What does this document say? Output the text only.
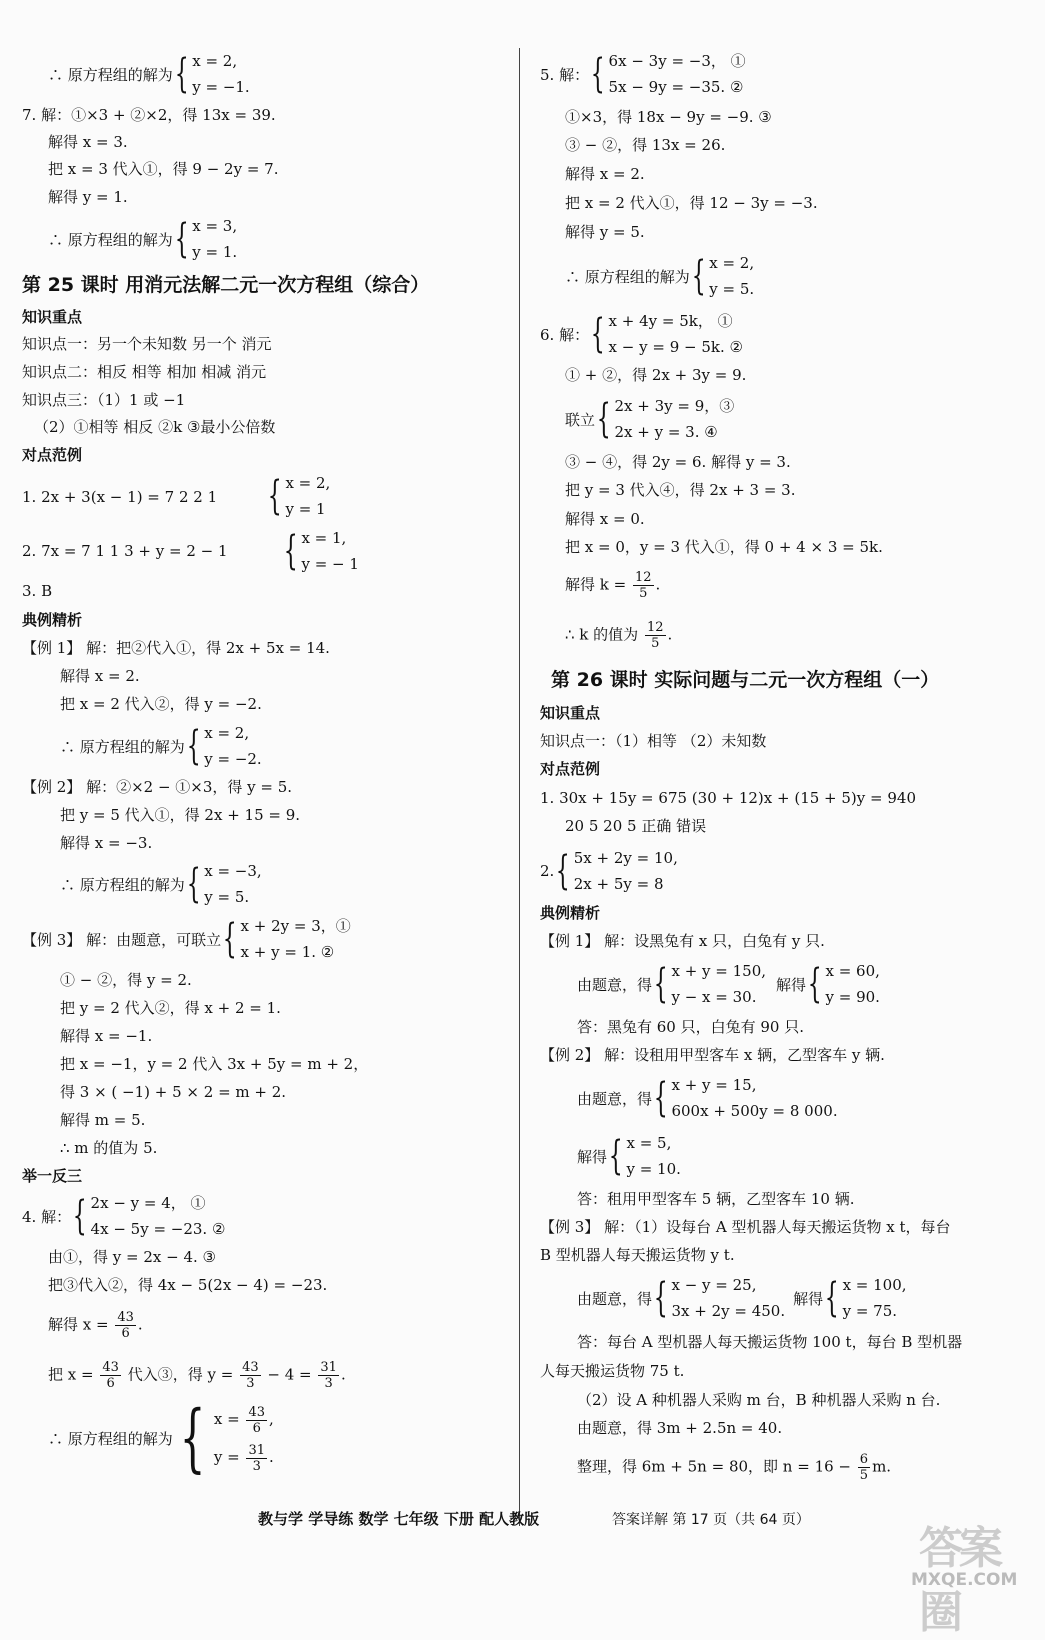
∴ 原方程组的解为 { x = 2,
y = −1.
7. 解：①×3 + ②×2，得 13x = 39.
解得 x = 3.
把 x = 3 代入①，得 9 − 2y = 7.
解得 y = 1.
∴ 原方程组的解为 { x = 3,
y = 1.
第 25 课时 用消元法解二元一次方程组（综合）
知识重点
知识点一：另一个未知数 另一个 消元
知识点二：相反 相等 相加 相减 消元
知识点三：（1）1 或 −1
（2）①相等 相反 ②k ③最小公倍数
对点范例
1. 2x + 3(x − 1) = 7 2 2 1 { x = 2,
y = 1
2. 7x = 7 1 1 3 + y = 2 − 1 { x = 1,
y = − 1
3. B
典例精析
【例 1】 解：把②代入①，得 2x + 5x = 14.
解得 x = 2.
把 x = 2 代入②，得 y = −2.
∴ 原方程组的解为 { x = 2,
y = −2.
【例 2】 解：②×2 − ①×3，得 y = 5.
把 y = 5 代入①，得 2x + 15 = 9.
解得 x = −3.
∴ 原方程组的解为 { x = −3,
y = 5.
【例 3】 解：由题意，可联立 { x + 2y = 3，①
x + y = 1. ②
① − ②，得 y = 2.
把 y = 2 代入②，得 x + 2 = 1.
解得 x = −1.
把 x = −1，y = 2 代入 3x + 5y = m + 2，
得 3 × ( −1) + 5 × 2 = m + 2.
解得 m = 5.
∴ m 的值为 5.
举一反三
4. 解： { 2x − y = 4， ①
4x − 5y = −23. ②
由①，得 y = 2x − 4. ③
把③代入②，得 4x − 5(2x − 4) = −23.
解得 $x = \frac{43}{6}$ .
把 $x = \frac{43}{6}$ 代入③，得 $y = \frac{43}{3} - 4 = \frac{31}{3}$ .
∴ 原方程组的解为 { $x = \frac{43}{6}$ ,
$y = \frac{31}{3}$ .
5. 解： { 6x − 3y = −3， ①
5x − 9y = −35. ②
①×3，得 18x − 9y = −9. ③
③ − ②，得 13x = 26.
解得 x = 2.
把 x = 2 代入①，得 12 − 3y = −3.
解得 y = 5.
∴ 原方程组的解为 { x = 2,
y = 5.
6. 解： { x + 4y = 5k， ①
x − y = 9 − 5k. ②
① + ②，得 2x + 3y = 9.
联立 { 2x + 3y = 9，③
2x + y = 3. ④
③ − ④，得 2y = 6. 解得 y = 3.
把 y = 3 代入④，得 2x + 3 = 3.
解得 x = 0.
把 x = 0，y = 3 代入①，得 0 + 4 × 3 = 5k.
解得 $k = \frac{12}{5}$ .
∴ k 的值为 $\frac{12}{5}$ .
第 26 课时 实际问题与二元一次方程组（一）
知识重点
知识点一：（1）相等 （2）未知数
对点范例
1. 30x + 15y = 675 (30 + 12)x + (15 + 5)y = 940
20 5 20 5 正确 错误
2. { 5x + 2y = 10,
2x + 5y = 8
典例精析
【例 1】 解：设黑兔有 x 只，白兔有 y 只.
由题意，得 { x + y = 150,
y − x = 30.
解得 { x = 60,
y = 90.
答：黑兔有 60 只，白兔有 90 只.
【例 2】 解：设租用甲型客车 x 辆，乙型客车 y 辆.
由题意，得 { x + y = 15,
600x + 500y = 8 000.
解得 { x = 5,
y = 10.
答：租用甲型客车 5 辆，乙型客车 10 辆.
【例 3】 解：（1）设每台 A 型机器人每天搬运货物 x t，每台
B 型机器人每天搬运货物 y t.
由题意，得 { x − y = 25,
3x + 2y = 450.
解得 { x = 100,
y = 75.
答：每台 A 型机器人每天搬运货物 100 t，每台 B 型机器
人每天搬运货物 75 t.
（2）设 A 种机器人采购 m 台，B 种机器人采购 n 台.
由题意，得 3m + 2.5n = 40.
整理，得 6m + 5n = 80，即 $n = 16 - \frac{6}{5} m$.
教与学 学导练 数学 七年级 下册 配人教版	答案详解 第 17 页（共 64 页）
答案圈
MXQE.COM
